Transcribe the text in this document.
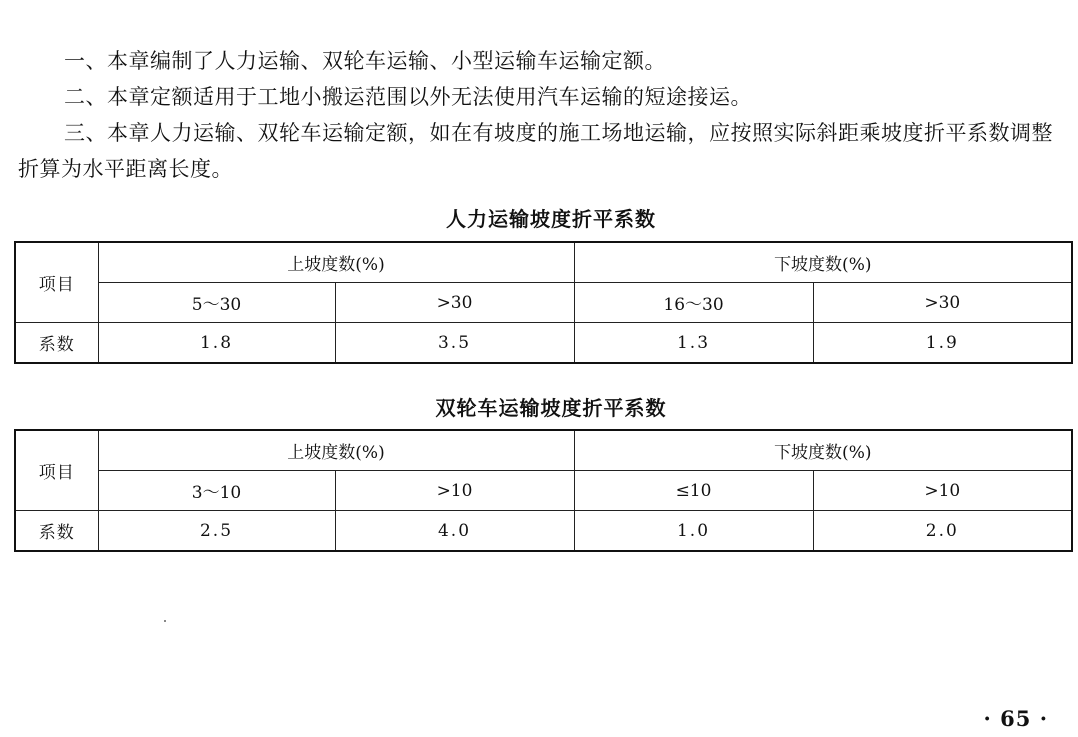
一、本章编制了人力运输、双轮车运输、小型运输车运输定额。

二、本章定额适用于工地小搬运范围以外无法使用汽车运输的短途接运。

三、本章人力运输、双轮车运输定额，如在有坡度的施工场地运输，应按照实际斜距乘坡度折平系数调整折算为水平距离长度。

人力运输坡度折平系数
项目	上坡度数(%)		下坡度数(%)	
	5～30	>30	16～30	>30
系数	1.8	3.5	1.3	1.9
双轮车运输坡度折平系数
项目	上坡度数(%)		下坡度数(%)	
	3～10	>10	≤10	>10
系数	2.5	4.0	1.0	2.0
· 65 ·
